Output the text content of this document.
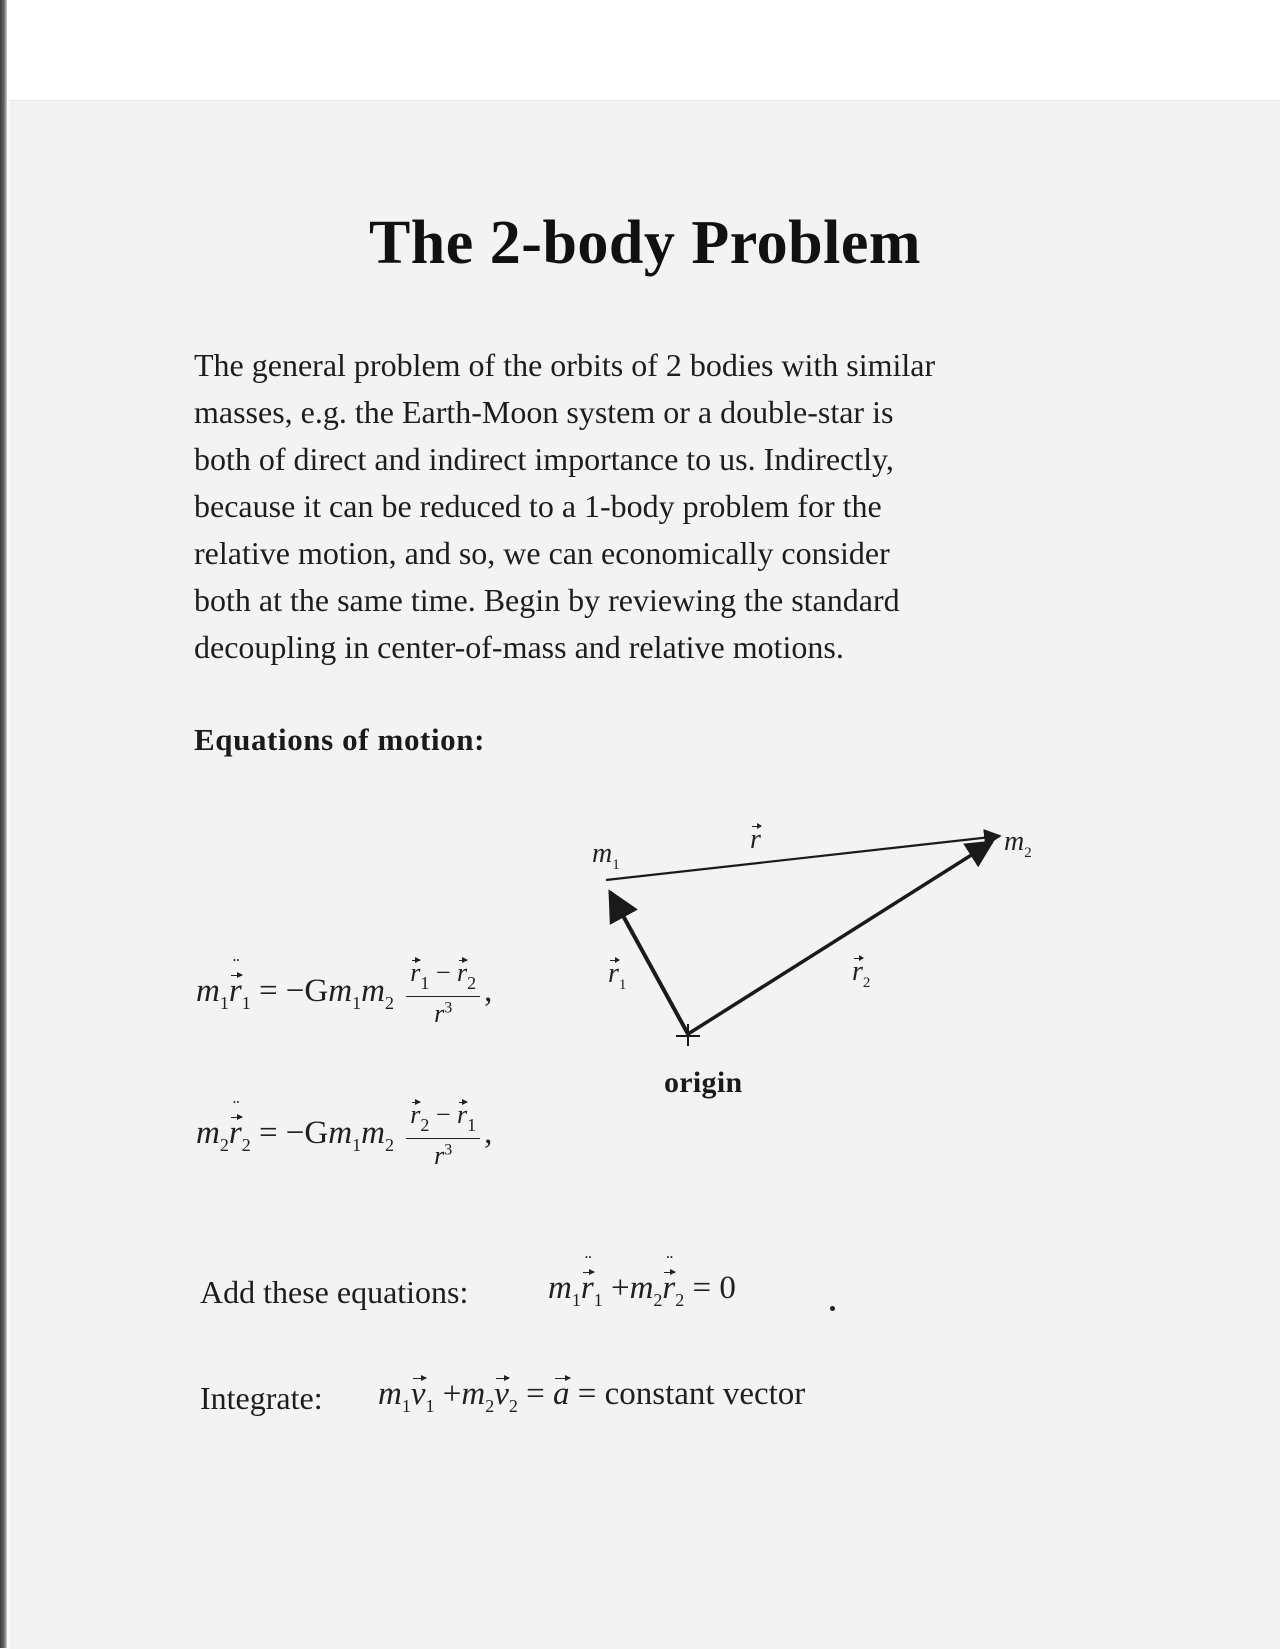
The 2-body Problem
The general problem of the orbits of 2 bodies with similar
masses, e.g. the Earth-Moon system or a double-star is
both of direct and indirect importance to us. Indirectly,
because it can be reduced to a 1-body problem for the
relative motion, and so, we can economically consider
both at the same time. Begin by reviewing the standard
decoupling in center-of-mass and relative motions.
Equations of motion:
$m_1$
¨
$r_1 = -Gm_1m_2 \frac{r_1 - r_2}{r^3}$ ,
$m_2$
¨
$r_2 = -Gm_1m_2 \frac{r_2 - r_1}{r^3}$ ,
$m_1$
$m_2$
r
$r_1$	$r_2$
origin
Add these equations: $m_1$
¨
$r_1 +m_2$
¨
$r_2 = 0$
Integrate: $m_1v_1 +m_2v_2 = a$ = constant vector
